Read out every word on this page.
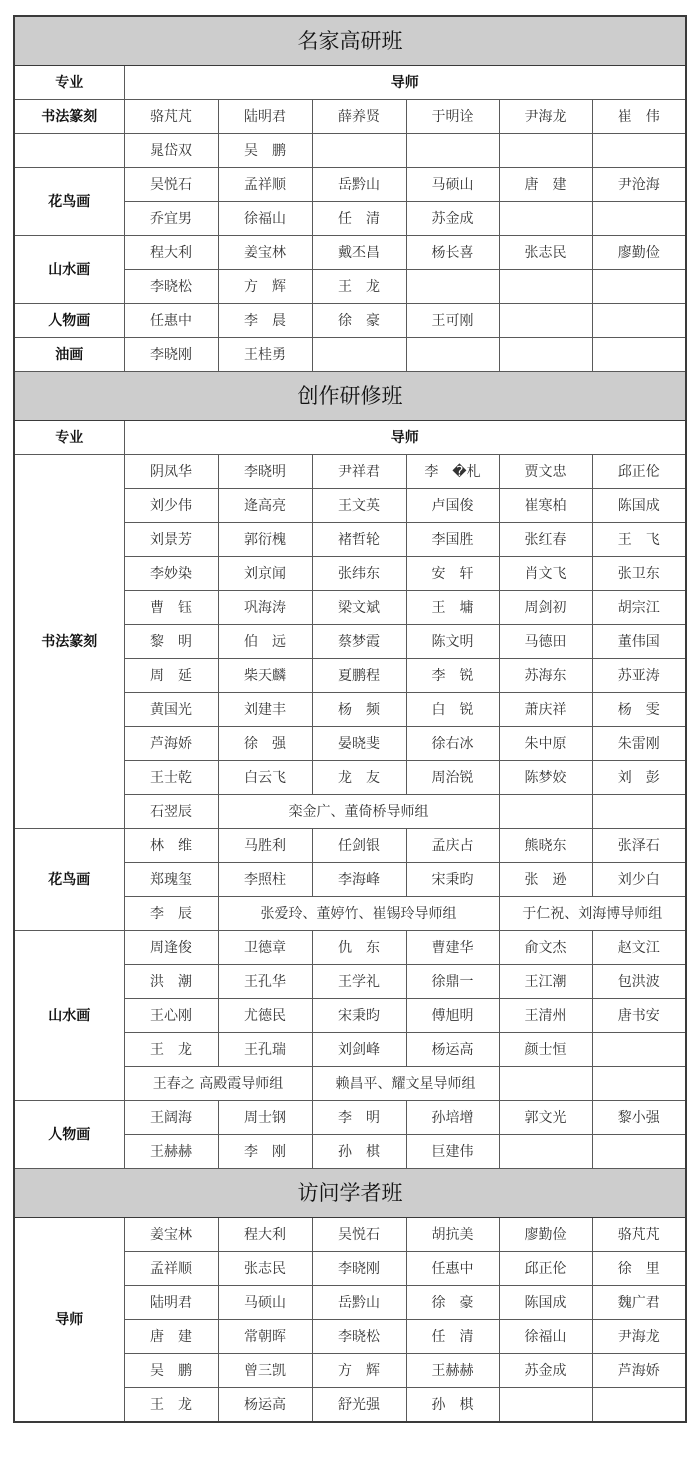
名家高研班						
专业	导师					
书法篆刻	骆芃芃	陆明君	薛养贤	于明诠	尹海龙	崔　伟
	晁岱双	吴　鹏				
花鸟画	吴悦石	孟祥顺	岳黔山	马硕山	唐　建	尹沧海
	乔宜男	徐福山	任　清	苏金成		
山水画	程大利	姜宝林	戴丕昌	杨长喜	张志民	廖勤俭
	李晓松	方　辉	王　龙			
人物画	任惠中	李　晨	徐　豪	王可刚		
油画	李晓刚	王桂勇				
创作研修班						
专业	导师					
书法篆刻	阴凤华	李晓明	尹祥君	李　�札	贾文忠	邱正伦
	刘少伟	逄高亮	王文英	卢国俊	崔寒柏	陈国成
	刘景芳	郭衍槐	褚哲轮	李国胜	张红春	王　飞
	李妙染	刘京闻	张纬东	安　轩	肖文飞	张卫东
	曹　钰	巩海涛	梁文斌	王　墉	周剑初	胡宗江
	黎　明	伯　远	蔡梦霞	陈文明	马德田	董伟国
	周　延	柴天麟	夏鹏程	李　锐	苏海东	苏亚涛
	黄国光	刘建丰	杨　频	白　锐	萧庆祥	杨　雯
	芦海娇	徐　强	晏晓斐	徐右冰	朱中原	朱雷刚
	王士乾	白云飞	龙　友	周治锐	陈梦姣	刘　彭
	石翌辰	栾金广、董倚桥导师组				
花鸟画	林　维	马胜利	任剑银	孟庆占	熊晓东	张泽石
	郑瑰玺	李照柱	李海峰	宋秉昀	张　逊	刘少白
	李　辰	张爱玲、董婷竹、崔锡玲导师组			于仁祝、刘海博导师组	
山水画	周逢俊	卫德章	仇　东	曹建华	俞文杰	赵文江
	洪　潮	王孔华	王学礼	徐鼎一	王江潮	包洪波
	王心刚	尤德民	宋秉昀	傅旭明	王清州	唐书安
	王　龙	王孔瑞	刘剑峰	杨运高	颜士恒	
	王春之 高殿霞导师组		赖昌平、耀文星导师组			
人物画	王阔海	周士钢	李　明	孙培增	郭文光	黎小强
	王赫赫	李　刚	孙　棋	巨建伟		
访问学者班						
导师	姜宝林	程大利	吴悦石	胡抗美	廖勤俭	骆芃芃
	孟祥顺	张志民	李晓刚	任惠中	邱正伦	徐　里
	陆明君	马硕山	岳黔山	徐　豪	陈国成	魏广君
	唐　建	常朝晖	李晓松	任　清	徐福山	尹海龙
	吴　鹏	曾三凯	方　辉	王赫赫	苏金成	芦海娇
	王　龙	杨运高	舒光强	孙　棋		
